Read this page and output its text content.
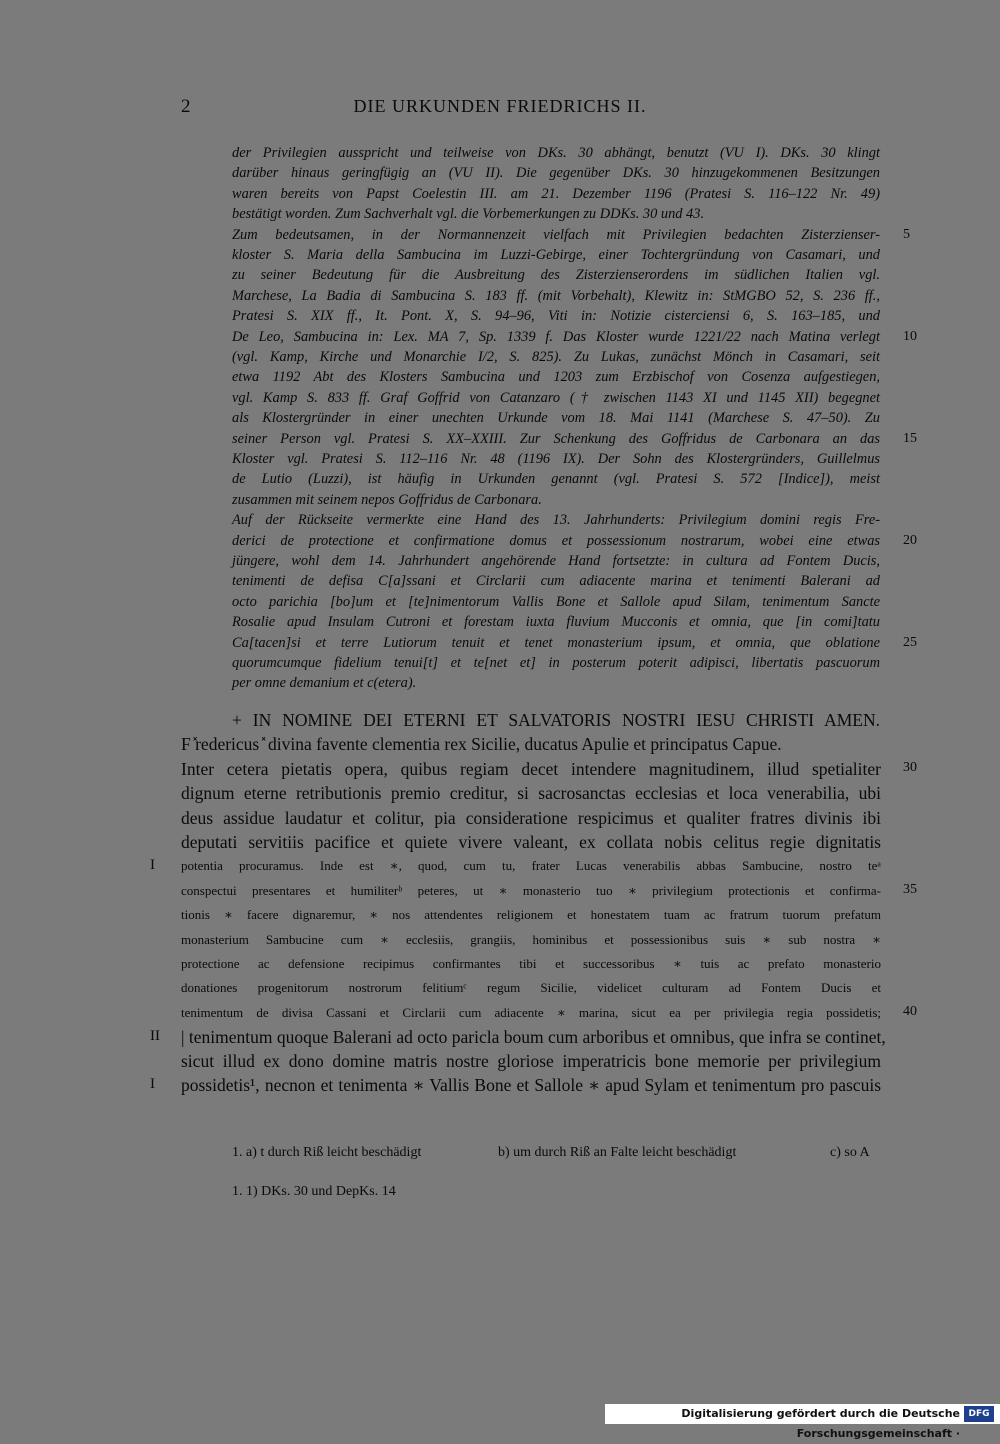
2	DIE URKUNDEN FRIEDRICHS II.
der Privilegien ausspricht und teilweise von DKs. 30 abhängt, benutzt (VU I). DKs. 30 klingt
darüber hinaus geringfügig an (VU II). Die gegenüber DKs. 30 hinzugekommenen Besitzungen
waren bereits von Papst Coelestin III. am 21. Dezember 1196 (Pratesi S. 116–122 Nr. 49)
bestätigt worden. Zum Sachverhalt vgl. die Vorbemerkungen zu DDKs. 30 und 43.
Zum bedeutsamen, in der Normannenzeit vielfach mit Privilegien bedachten Zisterzienser-
kloster S. Maria della Sambucina im Luzzi-Gebirge, einer Tochtergründung von Casamari, und
zu seiner Bedeutung für die Ausbreitung des Zisterzienserordens im südlichen Italien vgl.
Marchese, La Badia di Sambucina S. 183 ff. (mit Vorbehalt), Klewitz in: StMGBO 52, S. 236 ff.,
Pratesi S. XIX ff., It. Pont. X, S. 94–96, Viti in: Notizie cisterciensi 6, S. 163–185, und
De Leo, Sambucina in: Lex. MA 7, Sp. 1339 f. Das Kloster wurde 1221/22 nach Matina verlegt
(vgl. Kamp, Kirche und Monarchie I/2, S. 825). Zu Lukas, zunächst Mönch in Casamari, seit
etwa 1192 Abt des Klosters Sambucina und 1203 zum Erzbischof von Cosenza aufgestiegen,
vgl. Kamp S. 833 ff. Graf Goffrid von Catanzaro († zwischen 1143 XI und 1145 XII) begegnet
als Klostergründer in einer unechten Urkunde vom 18. Mai 1141 (Marchese S. 47–50). Zu
seiner Person vgl. Pratesi S. XX–XXIII. Zur Schenkung des Goffridus de Carbonara an das
Kloster vgl. Pratesi S. 112–116 Nr. 48 (1196 IX). Der Sohn des Klostergründers, Guillelmus
de Lutio (Luzzi), ist häufig in Urkunden genannt (vgl. Pratesi S. 572 [Indice]), meist
zusammen mit seinem nepos Goffridus de Carbonara.
Auf der Rückseite vermerkte eine Hand des 13. Jahrhunderts: Privilegium domini regis Fre-
derici de protectione et confirmatione domus et possessionum nostrarum, wobei eine etwas
jüngere, wohl dem 14. Jahrhundert angehörende Hand fortsetzte: in cultura ad Fontem Ducis,
tenimenti de defisa C[a]ssani et Circlarii cum adiacente marina et tenimenti Balerani ad
octo parichia [bo]um et [te]nimentorum Vallis Bone et Sallole apud Silam, tenimentum Sancte
Rosalie apud Insulam Cutroni et forestam iuxta fluvium Mucconis et omnia, que [in comi]tatu
Ca[tacen]si et terre Lutiorum tenuit et tenet monasterium ipsum, et omnia, que oblatione
quorumcumque fidelium tenui[t] et te[net et] in posterum poterit adipisci, libertatis pascuorum
per omne demanium et c(etera).
+ IN NOMINE DEI ETERNI ET SALVATORIS NOSTRI IESU CHRISTI AMEN.
F ̽redericus ̽ divina favente clementia rex Sicilie, ducatus Apulie et principatus Capue.
Inter cetera pietatis opera, quibus regiam decet intendere magnitudinem, illud spetialiter
dignum eterne retributionis premio creditur, si sacrosanctas ecclesias et loca venerabilia, ubi
deus assidue laudatur et colitur, pia consideratione respicimus et qualiter fratres divinis ibi
deputati servitiis pacifice et quiete vivere valeant, ex collata nobis celitus regie dignitatis
potentia procuramus. Inde est ∗, quod, cum tu, frater Lucas venerabilis abbas Sambucine, nostro teᵃ
conspectui presentares et humiliterᵇ peteres, ut ∗ monasterio tuo ∗ privilegium protectionis et confirma-
tionis ∗ facere dignaremur, ∗ nos attendentes religionem et honestatem tuam ac fratrum tuorum prefatum
monasterium Sambucine cum ∗ ecclesiis, grangiis, hominibus et possessionibus suis ∗ sub nostra ∗
protectione ac defensione recipimus confirmantes tibi et successoribus ∗ tuis ac prefato monasterio
donationes progenitorum nostrorum felitiumᶜ regum Sicilie, videlicet culturam ad Fontem Ducis et
tenimentum de divisa Cassani et Circlarii cum adiacente ∗ marina, sicut ea per privilegia regia possidetis;
| tenimentum quoque Balerani ad octo paricla boum cum arboribus et omnibus, que infra se continet,
sicut illud ex dono domine matris nostre gloriose imperatricis bone memorie per privilegium
possidetis¹, necnon et tenimenta ∗ Vallis Bone et Sallole ∗ apud Sylam et tenimentum pro pascuis
1. a) t durch Riß leicht beschädigt	b) um durch Riß an Falte leicht beschädigt	c) so A
1. 1) DKs. 30 und DepKs. 14
Digitalisierung gefördert durch die Deutsche Forschungsgemeinschaft ·
DFG
5
10
15
20
25
30
35
40
I
II
I
